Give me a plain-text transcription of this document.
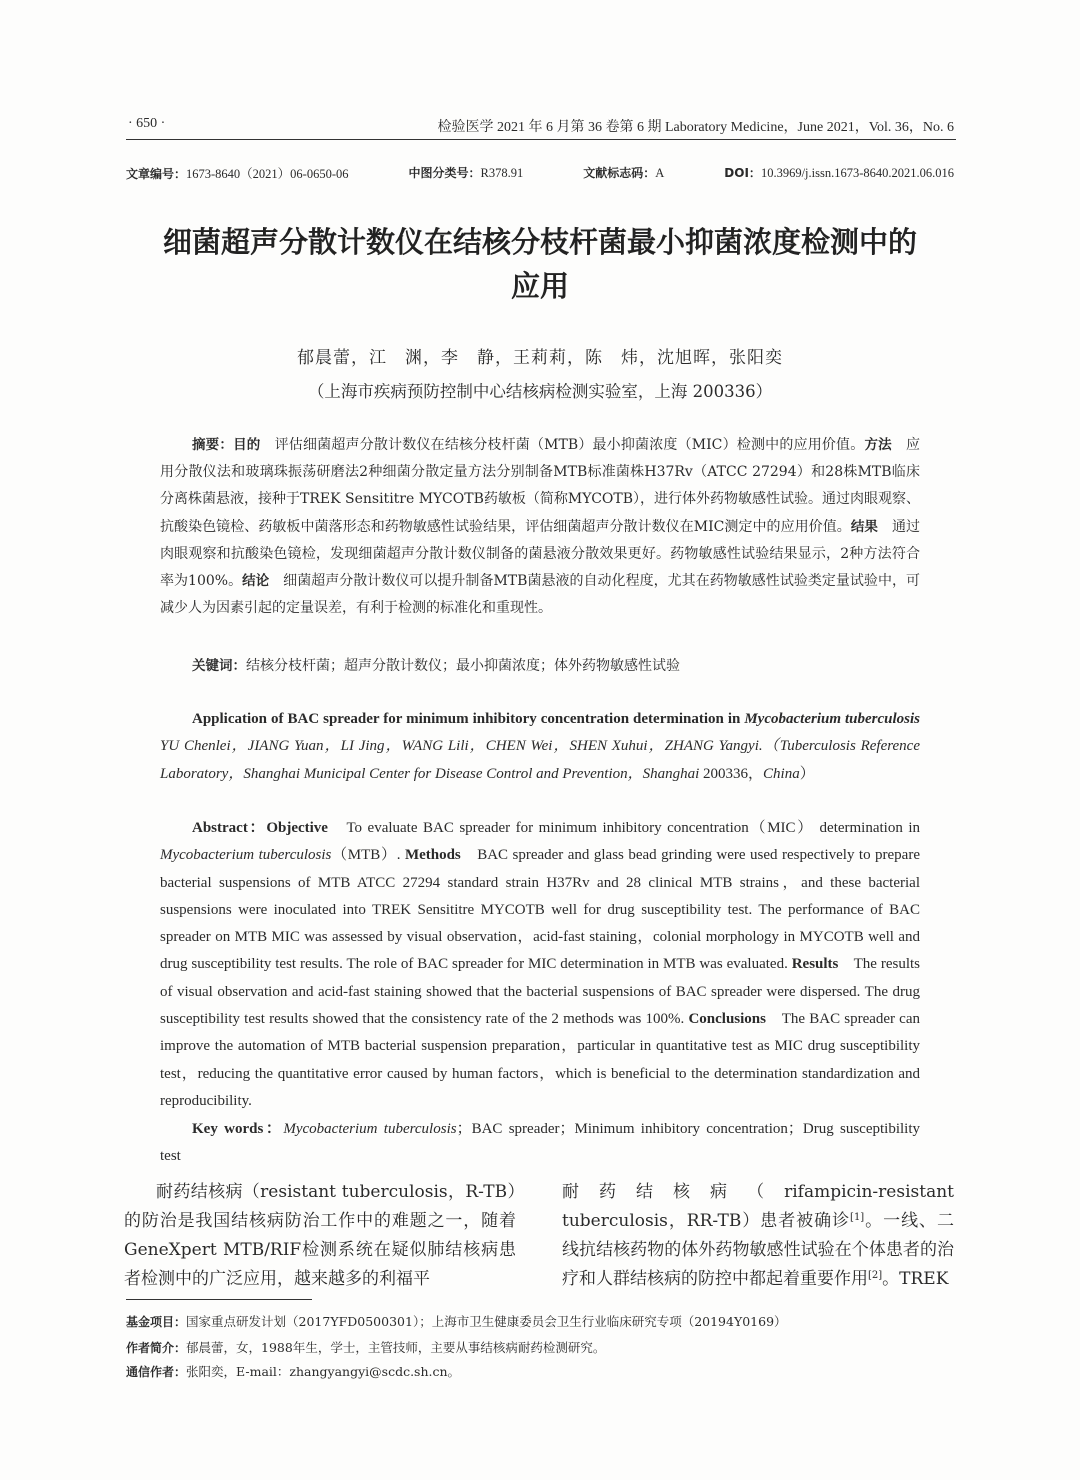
· 650 ·	检验医学 2021 年 6 月第 36 卷第 6 期 Laboratory Medicine，June 2021，Vol. 36，No. 6
文章编号：1673-8640（2021）06-0650-06	中图分类号：R378.91	文献标志码：A	DOI：10.3969/j.issn.1673-8640.2021.06.016
细菌超声分散计数仪在结核分枝杆菌最小抑菌浓度检测中的
应用
郁晨蕾，江　渊，李　静，王莉莉，陈　炜，沈旭晖，张阳奕
（上海市疾病预防控制中心结核病检测实验室，上海 200336）
摘要：目的　评估细菌超声分散计数仪在结核分枝杆菌（MTB）最小抑菌浓度（MIC）检测中的应用价值。方法　应用分散仪法和玻璃珠振荡研磨法2种细菌分散定量方法分别制备MTB标准菌株H37Rv（ATCC 27294）和28株MTB临床分离株菌悬液，接种于TREK Sensititre MYCOTB药敏板（简称MYCOTB），进行体外药物敏感性试验。通过肉眼观察、抗酸染色镜检、药敏板中菌落形态和药物敏感性试验结果，评估细菌超声分散计数仪在MIC测定中的应用价值。结果　通过肉眼观察和抗酸染色镜检，发现细菌超声分散计数仪制备的菌悬液分散效果更好。药物敏感性试验结果显示，2种方法符合率为100%。结论　细菌超声分散计数仪可以提升制备MTB菌悬液的自动化程度，尤其在药物敏感性试验类定量试验中，可减少人为因素引起的定量误差，有利于检测的标准化和重现性。
关键词：结核分枝杆菌；超声分散计数仪；最小抑菌浓度；体外药物敏感性试验
Application of BAC spreader for minimum inhibitory concentration determination in Mycobacterium tuberculosis YU Chenlei，JIANG Yuan，LI Jing，WANG Lili，CHEN Wei，SHEN Xuhui，ZHANG Yangyi.（Tuberculosis Reference Laboratory，Shanghai Municipal Center for Disease Control and Prevention，Shanghai 200336，China）
Abstract：Objective　To evaluate BAC spreader for minimum inhibitory concentration（MIC） determination in Mycobacterium tuberculosis（MTB）. Methods　BAC spreader and glass bead grinding were used respectively to prepare bacterial suspensions of MTB ATCC 27294 standard strain H37Rv and 28 clinical MTB strains，and these bacterial suspensions were inoculated into TREK Sensititre MYCOTB well for drug susceptibility test. The performance of BAC spreader on MTB MIC was assessed by visual observation，acid-fast staining，colonial morphology in MYCOTB well and drug susceptibility test results. The role of BAC spreader for MIC determination in MTB was evaluated. Results　The results of visual observation and acid-fast staining showed that the bacterial suspensions of BAC spreader were dispersed. The drug susceptibility test results showed that the consistency rate of the 2 methods was 100%. Conclusions　The BAC spreader can improve the automation of MTB bacterial suspension preparation，particular in quantitative test as MIC drug susceptibility test，reducing the quantitative error caused by human factors，which is beneficial to the determination standardization and reproducibility.
Key words：Mycobacterium tuberculosis；BAC spreader；Minimum inhibitory concentration；Drug susceptibility test
耐药结核病（resistant tuberculosis，R-TB）的防治是我国结核病防治工作中的难题之一，随着GeneXpert MTB/RIF检测系统在疑似肺结核病患者检测中的广泛应用，越来越多的利福平
耐药结核病（rifampicin-resistant tuberculosis，RR-TB）患者被确诊[1]。一线、二线抗结核药物的体外药物敏感性试验在个体患者的治疗和人群结核病的防控中都起着重要作用[2]。TREK
基金项目：国家重点研发计划（2017YFD0500301）；上海市卫生健康委员会卫生行业临床研究专项（20194Y0169）
作者简介：郁晨蕾，女，1988年生，学士，主管技师，主要从事结核病耐药检测研究。
通信作者：张阳奕，E-mail：zhangyangyi@scdc.sh.cn。
